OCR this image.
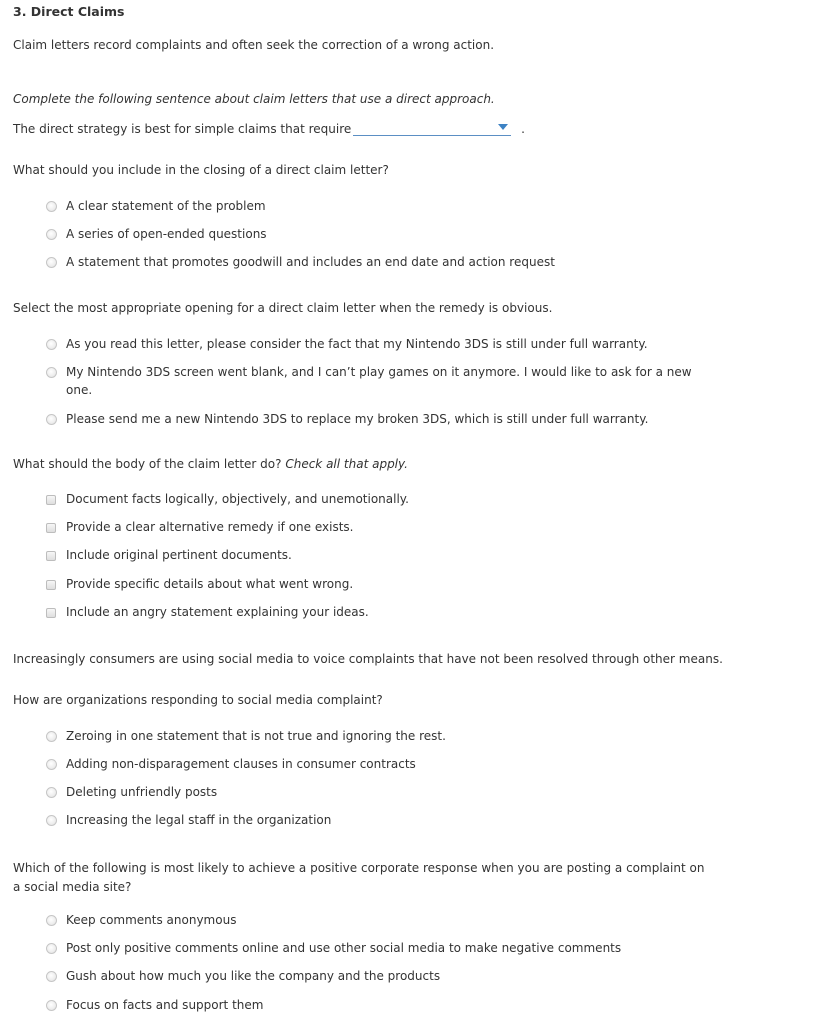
3. Direct Claims
Claim letters record complaints and often seek the correction of a wrong action.
Complete the following sentence about claim letters that use a direct approach.
The direct strategy is best for simple claims that require	.
What should you include in the closing of a direct claim letter?
A clear statement of the problem
A series of open-ended questions
A statement that promotes goodwill and includes an end date and action request
Select the most appropriate opening for a direct claim letter when the remedy is obvious.
As you read this letter, please consider the fact that my Nintendo 3DS is still under full warranty.
My Nintendo 3DS screen went blank, and I can’t play games on it anymore. I would like to ask for a new one.
Please send me a new Nintendo 3DS to replace my broken 3DS, which is still under full warranty.
What should the body of the claim letter do? Check all that apply.
Document facts logically, objectively, and unemotionally.
Provide a clear alternative remedy if one exists.
Include original pertinent documents.
Provide specific details about what went wrong.
Include an angry statement explaining your ideas.
Increasingly consumers are using social media to voice complaints that have not been resolved through other means.
How are organizations responding to social media complaint?
Zeroing in one statement that is not true and ignoring the rest.
Adding non-disparagement clauses in consumer contracts
Deleting unfriendly posts
Increasing the legal staff in the organization
Which of the following is most likely to achieve a positive corporate response when you are posting a complaint on a social media site?
Keep comments anonymous
Post only positive comments online and use other social media to make negative comments
Gush about how much you like the company and the products
Focus on facts and support them
